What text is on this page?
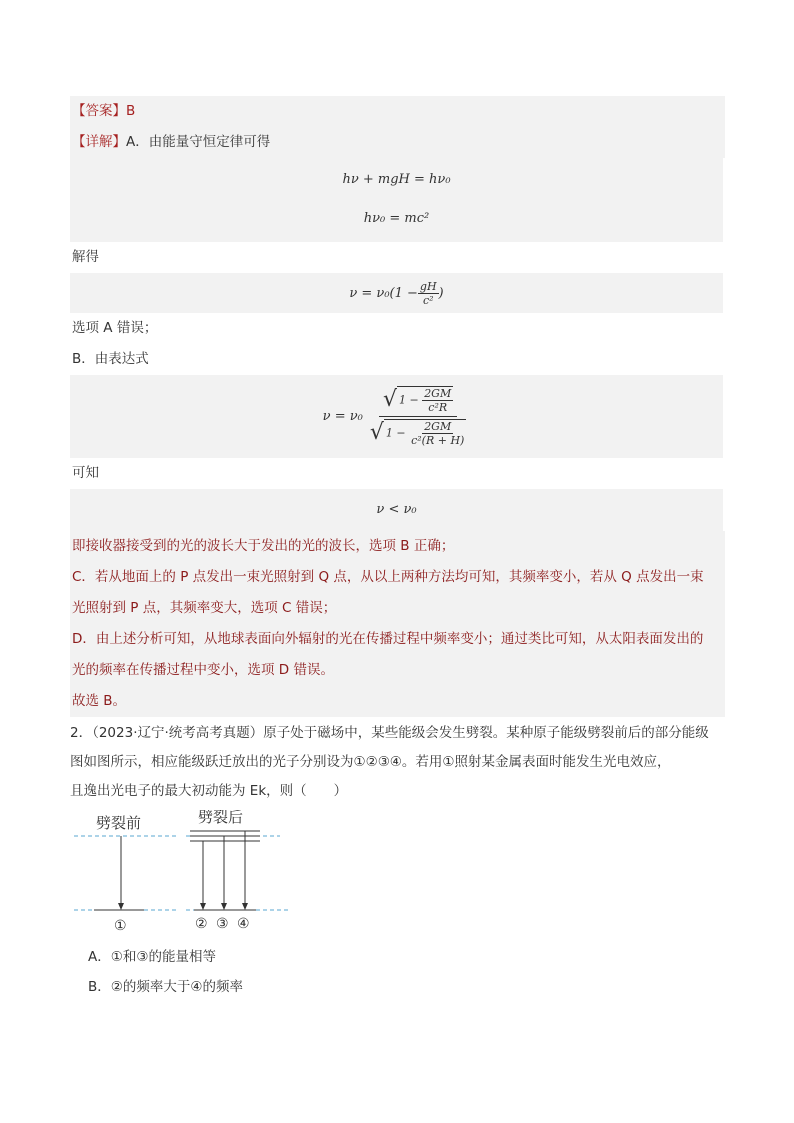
【答案】B
【详解】A．由能量守恒定律可得
hν + mgH = hν₀
hν₀ = mc²
解得
$\nu = \nu_0(1 - \frac{gH}{\text{c²}}$ )
选项 A 错误；
B．由表达式
ν = ν₀
√ $1 - \frac{2GM}{\text{c²R}}$
√ $1 - \frac{2GM}{\text{c²(R + H)}}$
可知
ν < ν₀
即接收器接受到的光的波长大于发出的光的波长，选项 B 正确；
C．若从地面上的 P 点发出一束光照射到 Q 点，从以上两种方法均可知，其频率变小，若从 Q 点发出一束
光照射到 P 点，其频率变大，选项 C 错误；
D．由上述分析可知，从地球表面向外辐射的光在传播过程中频率变小；通过类比可知，从太阳表面发出的
光的频率在传播过程中变小，选项 D 错误。
故选 B。
2．（2023·辽宁·统考高考真题）原子处于磁场中，某些能级会发生劈裂。某种原子能级劈裂前后的部分能级
图如图所示，相应能级跃迁放出的光子分别设为①②③④。若用①照射某金属表面时能发生光电效应，
且逸出光电子的最大初动能为 Ek，则（　　）
劈裂前
①
劈裂后
② ③ ④
A．①和③的能量相等
B．②的频率大于④的频率
